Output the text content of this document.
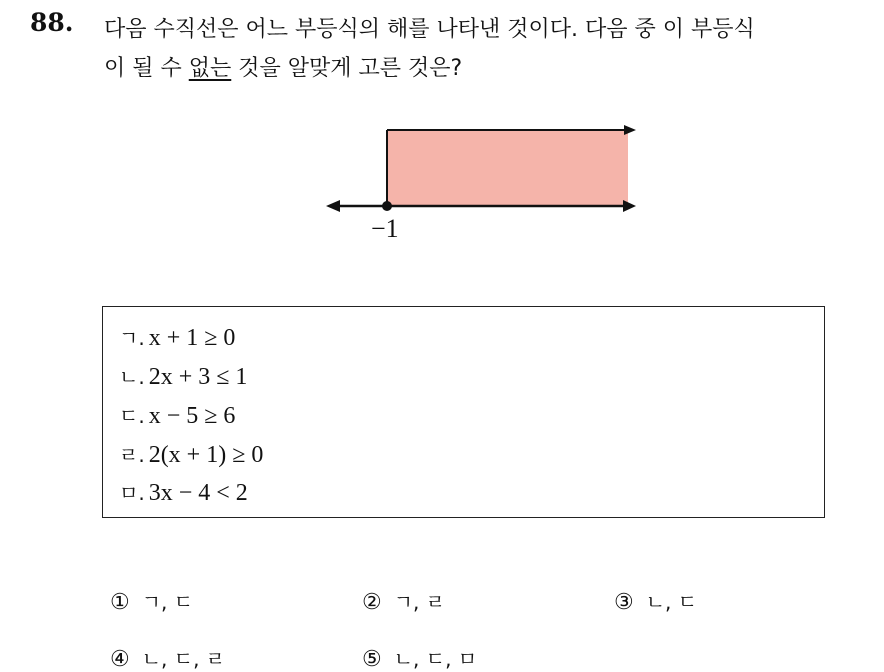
88. 다음 수직선은 어느 부등식의 해를 나타낸 것이다. 다음 중 이 부등식
이 될 수 없는 것을 알맞게 고른 것은?
−1
ㄱ. x + 1 ≥ 0
ㄴ. 2x + 3 ≤ 1
ㄷ. x − 5 ≥ 6
ㄹ. 2(x + 1) ≥ 0
ㅁ. 3x − 4 < 2
① ㄱ, ㄷ	② ㄱ, ㄹ	③ ㄴ, ㄷ
④ ㄴ, ㄷ, ㄹ	⑤ ㄴ, ㄷ, ㅁ
